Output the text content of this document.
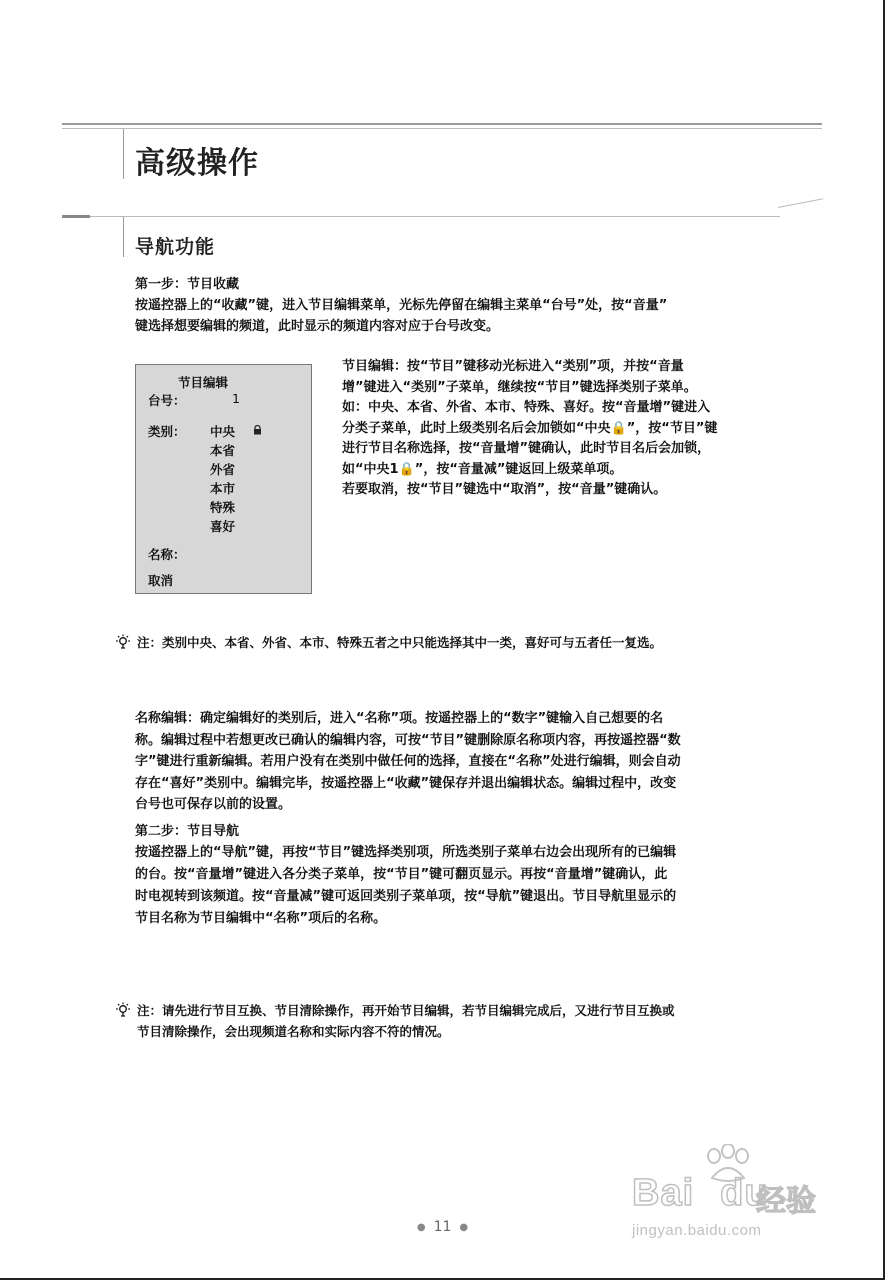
高级操作
导航功能
第一步：节目收藏

按遥控器上的“收藏”键，进入节目编辑菜单，光标先停留在编辑主菜单“台号”处，按“音量”

键选择想要编辑的频道，此时显示的频道内容对应于台号改变。

节目编辑
台号：	1
类别： 中央
本省
外省
本市
特殊
喜好
名称：
取消

节目编辑：按“节目”键移动光标进入“类别”项，并按“音量

增”键进入“类别”子菜单，继续按“节目”键选择类别子菜单。

如：中央、本省、外省、本市、特殊、喜好。按“音量增”键进入

分类子菜单，此时上级类别名后会加锁如“中央🔒”，按“节目”键

进行节目名称选择，按“音量增”键确认，此时节目名后会加锁，

如“中央1🔒”，按“音量减”键返回上级菜单项。

若要取消，按“节目”键选中“取消”，按“音量”键确认。

注：类别中央、本省、外省、本市、特殊五者之中只能选择其中一类，喜好可与五者任一复选。

名称编辑：确定编辑好的类别后，进入“名称”项。按遥控器上的“数字”键输入自己想要的名

称。编辑过程中若想更改已确认的编辑内容，可按“节目”键删除原名称项内容，再按遥控器“数

字”键进行重新编辑。若用户没有在类别中做任何的选择，直接在“名称”处进行编辑，则会自动

存在“喜好”类别中。编辑完毕，按遥控器上“收藏”键保存并退出编辑状态。编辑过程中，改变

台号也可保存以前的设置。

第二步：节目导航

按遥控器上的“导航”键，再按“节目”键选择类别项，所选类别子菜单右边会出现所有的已编辑

的台。按“音量增”键进入各分类子菜单，按“节目”键可翻页显示。再按“音量增”键确认，此

时电视转到该频道。按“音量减”键可返回类别子菜单项，按“导航”键退出。节目导航里显示的

节目名称为节目编辑中“名称”项后的名称。

注：请先进行节目互换、节目清除操作，再开始节目编辑，若节目编辑完成后，又进行节目互换或
节目清除操作，会出现频道名称和实际内容不符的情况。
Bai du
经验
jingyan.baidu.com
● 11 ●
